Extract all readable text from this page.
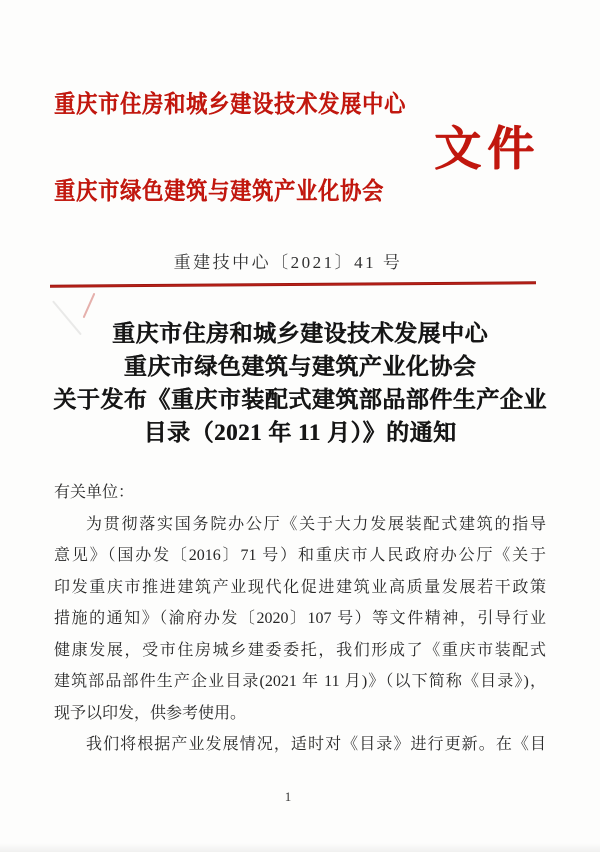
重庆市住房和城乡建设技术发展中心
重庆市绿色建筑与建筑产业化协会
文件
重建技中心〔2021〕41 号
重庆市住房和城乡建设技术发展中心
重庆市绿色建筑与建筑产业化协会
关于发布《重庆市装配式建筑部品部件生产企业
目录（2021 年 11 月）》的通知
有关单位：
为贯彻落实国务院办公厅《关于大力发展装配式建筑的指导
意见》（国办发〔2016〕71 号）和重庆市人民政府办公厅《关于
印发重庆市推进建筑产业现代化促进建筑业高质量发展若干政策
措施的通知》（渝府办发〔2020〕107 号）等文件精神，引导行业
健康发展，受市住房城乡建委委托，我们形成了《重庆市装配式
建筑部品部件生产企业目录(2021 年 11 月)》（以下简称《目录》)，
现予以印发，供参考使用。
我们将根据产业发展情况，适时对《目录》进行更新。在《目
1
